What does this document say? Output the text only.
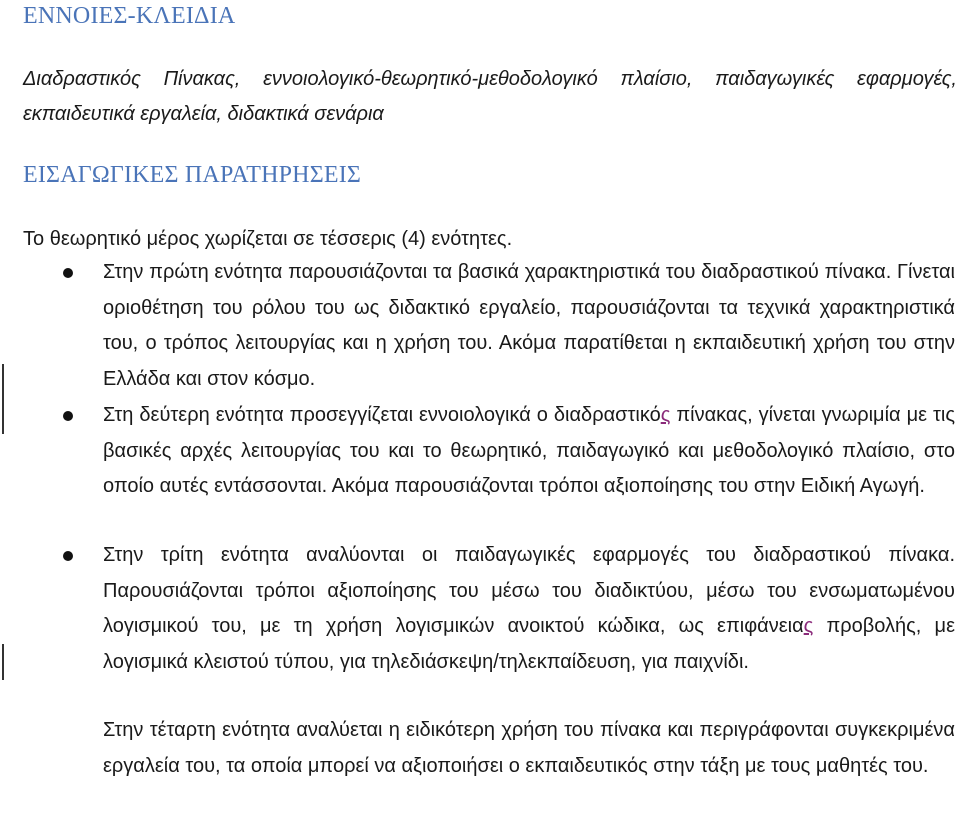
ΕΝΝΟΙΕΣ-ΚΛΕΙΔΙΑ
Διαδραστικός Πίνακας, εννοιολογικό-θεωρητικό-μεθοδολογικό πλαίσιο, παιδαγωγικές εφαρμογές, εκπαιδευτικά εργαλεία, διδακτικά σενάρια
ΕΙΣΑΓΩΓΙΚΕΣ ΠΑΡΑΤΗΡΗΣΕΙΣ
Το θεωρητικό μέρος χωρίζεται σε τέσσερις (4) ενότητες.
Στην πρώτη ενότητα παρουσιάζονται τα βασικά χαρακτηριστικά του διαδραστικού πίνακα. Γίνεται οριοθέτηση του ρόλου του ως διδακτικό εργαλείο, παρουσιάζονται τα τεχνικά χαρακτηριστικά του, ο τρόπος λειτουργίας και η χρήση του. Ακόμα παρατίθεται η εκπαιδευτική χρήση του στην Ελλάδα και στον κόσμο.
Στη δεύτερη ενότητα προσεγγίζεται εννοιολογικά ο διαδραστικός πίνακας, γίνεται γνωριμία με τις βασικές αρχές λειτουργίας του και το θεωρητικό, παιδαγωγικό και μεθοδολογικό πλαίσιο, στο οποίο αυτές εντάσσονται. Ακόμα παρουσιάζονται τρόποι αξιοποίησης του στην Ειδική Αγωγή.
Στην τρίτη ενότητα αναλύονται οι παιδαγωγικές εφαρμογές του διαδραστικού πίνακα. Παρουσιάζονται τρόποι αξιοποίησης του μέσω του διαδικτύου, μέσω του ενσωματωμένου λογισμικού του, με τη χρήση λογισμικών ανοικτού κώδικα, ως επιφάνειας προβολής, με λογισμικά κλειστού τύπου, για τηλεδιάσκεψη/τηλεκπαίδευση, για παιχνίδι.
Στην τέταρτη ενότητα αναλύεται η ειδικότερη χρήση του πίνακα και περιγράφονται συγκεκριμένα εργαλεία του, τα οποία μπορεί να αξιοποιήσει ο εκπαιδευτικός στην τάξη με τους μαθητές του.
